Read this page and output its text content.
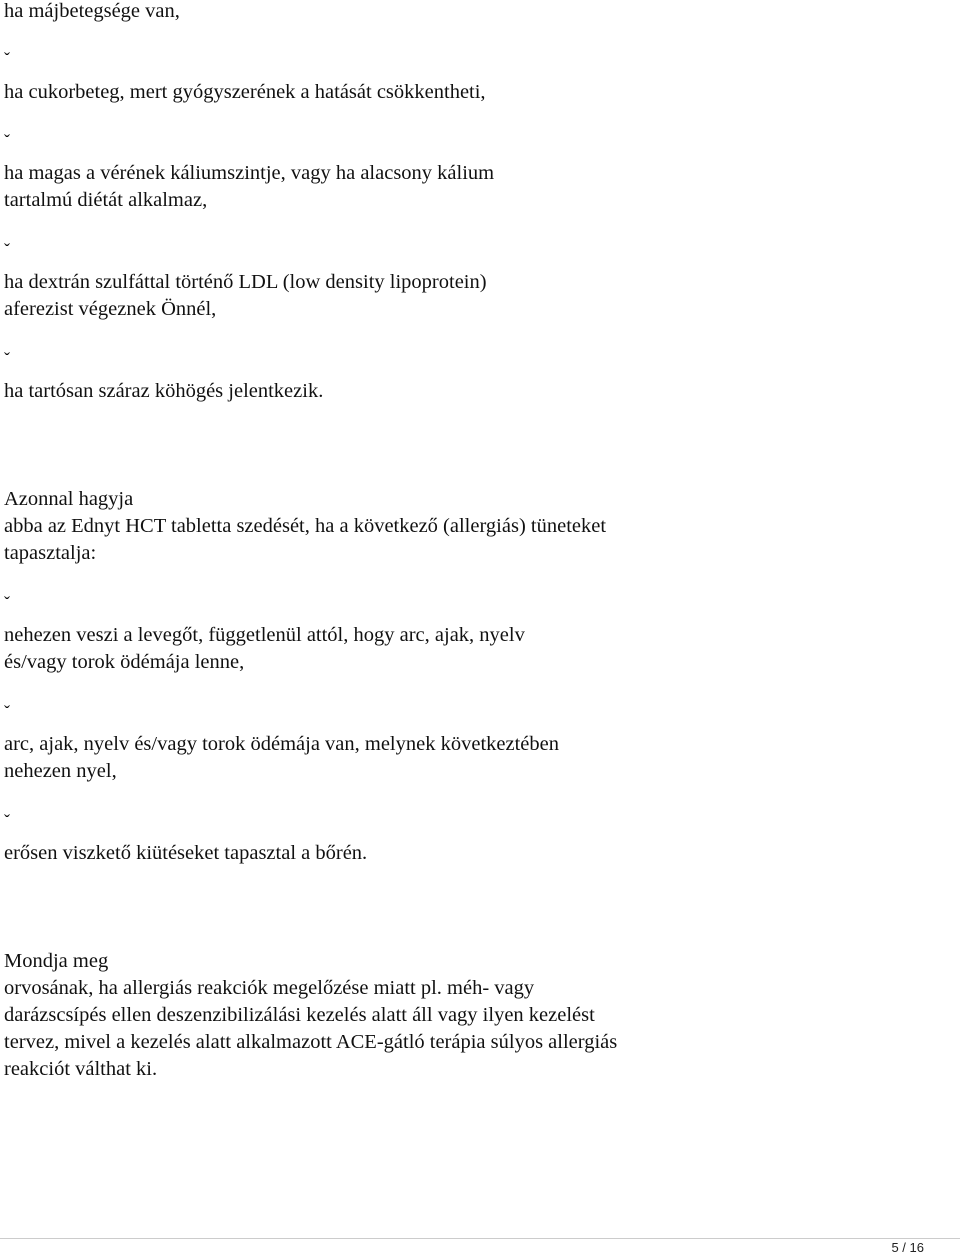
ha májbetegsége van,

ˇ

ha cukorbeteg, mert gyógyszerének a hatását csökkentheti,

ˇ

ha magas a vérének káliumszintje, vagy ha alacsony kálium

tartalmú diétát alkalmaz,

ˇ

ha dextrán szulfáttal történő LDL (low density lipoprotein)

aferezist végeznek Önnél,

ˇ

ha tartósan száraz köhögés jelentkezik.

Azonnal hagyja

abba az Ednyt HCT tabletta szedését, ha a következő (allergiás) tüneteket

tapasztalja:

ˇ

nehezen veszi a levegőt, függetlenül attól, hogy arc, ajak, nyelv

és/vagy torok ödémája lenne,

ˇ

arc, ajak, nyelv és/vagy torok ödémája van, melynek következtében

nehezen nyel,

ˇ

erősen viszkető kiütéseket tapasztal a bőrén.

Mondja meg

orvosának, ha allergiás reakciók megelőzése miatt pl. méh- vagy

darázscsípés ellen deszenzibilizálási kezelés alatt áll vagy ilyen kezelést

tervez, mivel a kezelés alatt alkalmazott ACE-gátló terápia súlyos allergiás

reakciót válthat ki.

5 / 16
